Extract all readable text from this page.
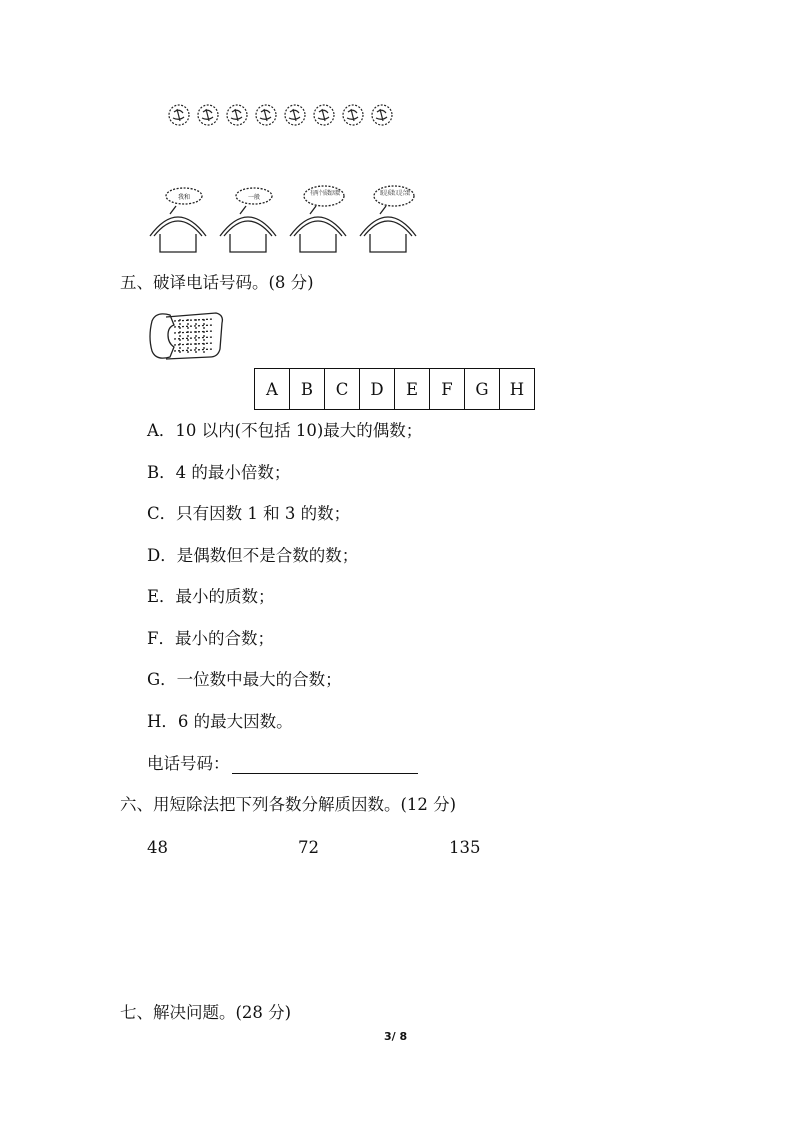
我和	一般
有两个质数因数	既是质数又是合数
五、破译电话号码。(8 分)
A	B	C	D	E	F	G	H
A．10 以内(不包括 10)最大的偶数；
B．4 的最小倍数；
C．只有因数 1 和 3 的数；
D．是偶数但不是合数的数；
E．最小的质数；
F．最小的合数；
G．一位数中最大的合数；
H．6 的最大因数。
电话号码：
六、用短除法把下列各数分解质因数。(12 分)
48	72	135
七、解决问题。(28 分)
3/ 8
